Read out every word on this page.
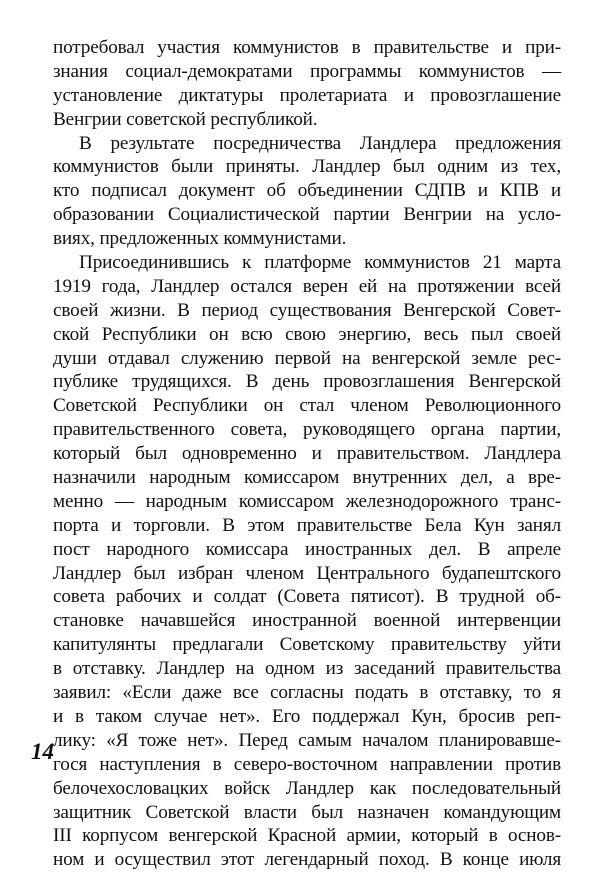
потребовал участия коммунистов в правительстве и при-
знания социал-демократами программы коммунистов —
установление диктатуры пролетариата и провозглашение
Венгрии советской республикой.
В результате посредничества Ландлера предложения
коммунистов были приняты. Ландлер был одним из тех,
кто подписал документ об объединении СДПВ и КПВ и
образовании Социалистической партии Венгрии на усло-
виях, предложенных коммунистами.
Присоединившись к платформе коммунистов 21 марта
1919 года, Ландлер остался верен ей на протяжении всей
своей жизни. В период существования Венгерской Совет-
ской Республики он всю свою энергию, весь пыл своей
души отдавал служению первой на венгерской земле рес-
публике трудящихся. В день провозглашения Венгерской
Советской Республики он стал членом Революционного
правительственного совета, руководящего органа партии,
который был одновременно и правительством. Ландлера
назначили народным комиссаром внутренних дел, а вре-
менно — народным комиссаром железнодорожного транс-
порта и торговли. В этом правительстве Бела Кун занял
пост народного комиссара иностранных дел. В апреле
Ландлер был избран членом Центрального будапештского
совета рабочих и солдат (Совета пятисот). В трудной об-
становке начавшейся иностранной военной интервенции
капитулянты предлагали Советскому правительству уйти
в отставку. Ландлер на одном из заседаний правительства
заявил: «Если даже все согласны подать в отставку, то я
и в таком случае нет». Его поддержал Кун, бросив реп-
лику: «Я тоже нет». Перед самым началом планировавше-
гося наступления в северо-восточном направлении против
белочехословацких войск Ландлер как последовательный
защитник Советской власти был назначен командующим
III корпусом венгерской Красной армии, который в основ-
ном и осуществил этот легендарный поход. В конце июля
14
